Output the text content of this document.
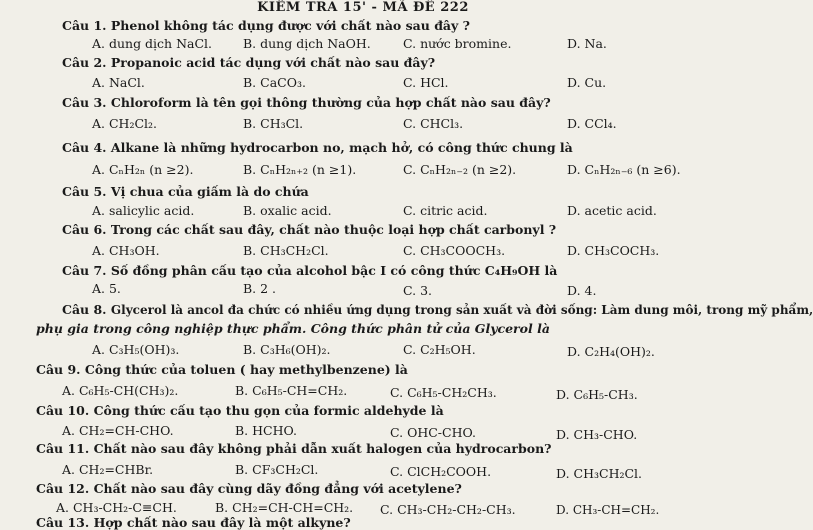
KIỂM TRA 15' - MÃ ĐỀ 222
Câu 1. Phenol không tác dụng được với chất nào sau đây ?
A. dung dịch NaCl. B. dung dịch NaOH.	C. nước bromine.	D. Na.
Câu 2. Propanoic acid tác dụng với chất nào sau đây?
A. NaCl.	B. CaCO₃.	C. HCl.	D. Cu.
Câu 3. Chloroform là tên gọi thông thường của hợp chất nào sau đây?
A. CH₂Cl₂.	B. CH₃Cl.	C. CHCl₃.	D. CCl₄.
Câu 4. Alkane là những hydrocarbon no, mạch hở, có công thức chung là
A. CₙH₂ₙ (n ≥2).	B. CₙH₂ₙ₊₂ (n ≥1).	C. CₙH₂ₙ₋₂ (n ≥2).	D. CₙH₂ₙ₋₆ (n ≥6).
Câu 5. Vị chua của giấm là do chứa
A. salicylic acid.	B. oxalic acid.	C. citric acid.	D. acetic acid.
Câu 6. Trong các chất sau đây, chất nào thuộc loại hợp chất carbonyl ?
A. CH₃OH.	B. CH₃CH₂Cl.	C. CH₃COOCH₃.	D. CH₃COCH₃.
Câu 7. Số đồng phân cấu tạo của alcohol bậc I có công thức C₄H₉OH là
A. 5.	B. 2 .	C. 3.	D. 4.
Câu 8. Glycerol là ancol đa chức có nhiều ứng dụng trong sản xuất và đời sống: Làm dung môi, trong mỹ phẩm,
phụ gia trong công nghiệp thực phẩm. Công thức phân tử của Glycerol là
A. C₃H₅(OH)₃.	B. C₃H₆(OH)₂.	C. C₂H₅OH.	D. C₂H₄(OH)₂.
Câu 9. Công thức của toluen ( hay methylbenzene) là
A. C₆H₅-CH(CH₃)₂.	B. C₆H₅-CH=CH₂.	C. C₆H₅-CH₂CH₃.	D. C₆H₅-CH₃.
Câu 10. Công thức cấu tạo thu gọn của formic aldehyde là
A. CH₂=CH-CHO.	B. HCHO.	C. OHC-CHO.	D. CH₃-CHO.
Câu 11. Chất nào sau đây không phải dẫn xuất halogen của hydrocarbon?
A. CH₂=CHBr.	B. CF₃CH₂Cl.	C. ClCH₂COOH.	D. CH₃CH₂Cl.
Câu 12. Chất nào sau đây cùng dãy đồng đẳng với acetylene?
A. CH₃-CH₂-C≡CH.	B. CH₂=CH-CH=CH₂. C. CH₃-CH₂-CH₂-CH₃.	D. CH₃-CH=CH₂.
Câu 13. Hợp chất nào sau đây là một alkyne?
